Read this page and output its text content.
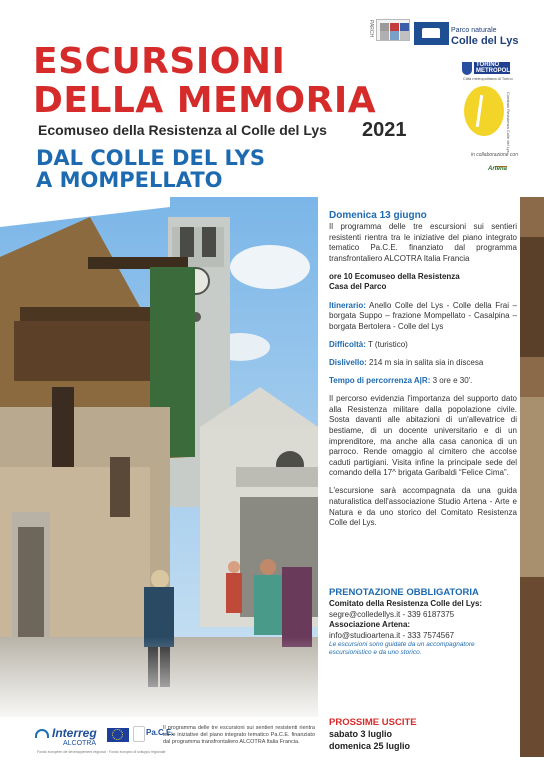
ESCURSIONI
DELLA MEMORIA
Ecomuseo della Resistenza al Colle del Lys 2021
DAL COLLE DEL LYS
A MOMPELLATO
PARCH	Parco naturale
Colle del Lys
TORINO
METROPOLI
Città metropolitana di Torino
Comitato Resistenza Colle del Lys
in collaborazione con
Artena

Domenica 13 giugno

Il programma delle tre escursioni sui sentieri resistenti rientra tra le iniziative del piano integrato tematico Pa.C.E. finanziato dal programma transfrontaliero ALCOTRA Italia Francia

ore 10 Ecomuseo della Resistenza

Casa del Parco

Itinerario: Anello Colle del Lys - Colle della Frai – borgata Suppo – frazione Mompellato - Casalpina – borgata Bertolera - Colle del Lys

Difficoltà: T (turistico)

Dislivello: 214 m sia in salita sia in discesa

Tempo di percorrenza A|R: 3 ore e 30'.

Il percorso evidenzia l'importanza del supporto dato alla Resistenza militare dalla popolazione civile. Sosta davanti alle abitazioni di un'allevatrice di bestiame, di un docente universitario e di un imprenditore, ma anche alla casa canonica di un parroco. Rende omaggio al cimitero che accolse caduti partigiani. Visita infine la principale sede del comando della 17^ brigata Garibaldi “Felice Cima”.

L'escursione sarà accompagnata da una guida naturalistica dell'associazione Studio Artena - Arte e Natura e da uno storico del Comitato Resistenza Colle del Lys.

PRENOTAZIONE OBBLIGATORIA
Comitato della Resistenza Colle del Lys:
segre@colledellys.it - 339 6187375
Associazione Artena:
info@studioartena.it - 333 7574567
Le escursioni sono guidate da un accompagnatore escursionistico e da uno storico.
PROSSIME USCITE
sabato 3 luglio
domenica 25 luglio
Interreg
ALCOTRA
Fonds européen de développement régional · Fondo europeo di sviluppo regionale
Pa.C.E.
Il programma delle tre escursioni sui sentieri resistenti rientra tra le iniziative del piano integrato tematico Pa.C.E. finanziato dal programma transfrontaliero ALCOTRA Italia Francia.
